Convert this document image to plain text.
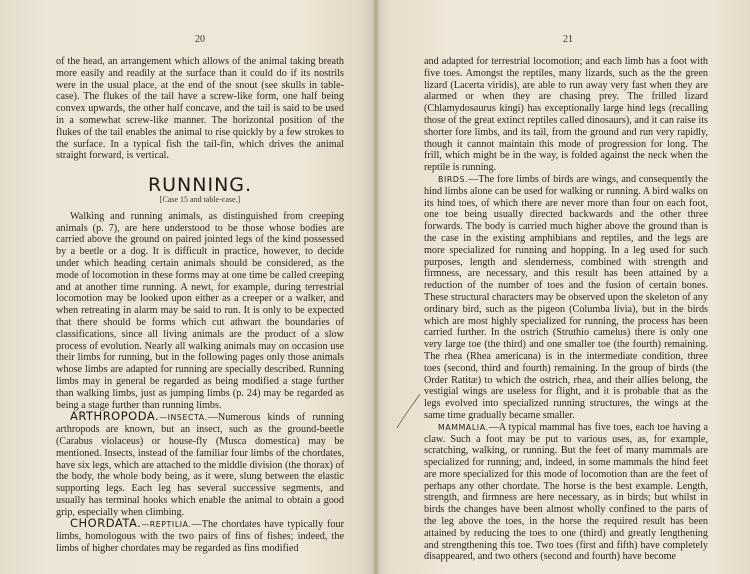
20

of the head, an arrangement which allows of the animal taking breath more easily and readily at the surface than it could do if its nostrils were in the usual place, at the end of the snout (see skulls in table-case). The flukes of the tail have a screw-like form, one half being convex upwards, the other half concave, and the tail is said to be used in a somewhat screw-like manner. The horizontal position of the flukes of the tail enables the animal to rise quickly by a few strokes to the surface. In a typical fish the tail-fin, which drives the animal straight forward, is vertical.

RUNNING.
[Case 15 and table-case.]

Walking and running animals, as distinguished from creeping animals (p. 7), are here understood to be those whose bodies are carried above the ground on paired jointed legs of the kind possessed by a beetle or a dog. It is difficult in practice, however, to decide under which heading certain animals should be considered, as the mode of locomotion in these forms may at one time be called creeping and at another time running. A newt, for example, during terrestrial locomotion may be looked upon either as a creeper or a walker, and when retreating in alarm may be said to run. It is only to be expected that there should be forms which cut athwart the boundaries of classifications, since all living animals are the product of a slow process of evolution. Nearly all walking animals may on occasion use their limbs for running, but in the following pages only those animals whose limbs are adapted for running are specially described. Running limbs may in general be regarded as being modified a stage further than walking limbs, just as jumping limbs (p. 24) may be regarded as being a stage further than running limbs.

ARTHROPODA.—INSECTA.—Numerous kinds of running arthropods are known, but an insect, such as the ground-beetle (Carabus violaceus) or house-fly (Musca domestica) may be mentioned. Insects, instead of the familiar four limbs of the chordates, have six legs, which are attached to the middle division (the thorax) of the body, the whole body being, as it were, slung between the elastic supporting legs. Each leg has several successive segments, and usually has terminal hooks which enable the animal to obtain a good grip, especially when climbing.

CHORDATA.—REPTILIA.—The chordates have typically four limbs, homologous with the two pairs of fins of fishes; indeed, the limbs of higher chordates may be regarded as fins modified

21

and adapted for terrestrial locomotion; and each limb has a foot with five toes. Amongst the reptiles, many lizards, such as the the green lizard (Lacerta viridis), are able to run away very fast when they are alarmed or when they are chasing prey. The frilled lizard (Chlamydosaurus kingi) has exceptionally large hind legs (recalling those of the great extinct reptiles called dinosaurs), and it can raise its shorter fore limbs, and its tail, from the ground and run very rapidly, though it cannot maintain this mode of progression for long. The frill, which might be in the way, is folded against the neck when the reptile is running.

BIRDS.—The fore limbs of birds are wings, and consequently the hind limbs alone can be used for walking or running. A bird walks on its hind toes, of which there are never more than four on each foot, one toe being usually directed backwards and the other three forwards. The body is carried much higher above the ground than is the case in the existing amphibians and reptiles, and the legs are more specialized for running and hopping. In a leg used for such purposes, length and slenderness, combined with strength and firmness, are necessary, and this result has been attained by a reduction of the number of toes and the fusion of certain bones. These structural characters may be observed upon the skeleton of any ordinary bird, such as the pigeon (Columba livia), but in the birds which are most highly specialized for running, the process has been carried further. In the ostrich (Struthio camelus) there is only one very large toe (the third) and one smaller toe (the fourth) remaining. The rhea (Rhea americana) is in the intermediate condition, three toes (second, third and fourth) remaining. In the group of birds (the Order Ratitæ) to which the ostrich, rhea, and their allies belong, the vestigial wings are useless for flight, and it is probable that as the legs evolved into specialized running structures, the wings at the same time gradually became smaller.

MAMMALIA.—A typical mammal has five toes, each toe having a claw. Such a foot may be put to various uses, as, for example, scratching, walking, or running. But the feet of many mammals are specialized for running; and, indeed, in some mammals the hind feet are more specialized for this mode of locomotion than are the feet of perhaps any other chordate. The horse is the best example. Length, strength, and firmness are here necessary, as in birds; but whilst in birds the changes have been almost wholly confined to the parts of the leg above the toes, in the horse the required result has been attained by reducing the toes to one (third) and greatly lengthening and strengthening this toe. Two toes (first and fifth) have completely disappeared, and two others (second and fourth) have become
